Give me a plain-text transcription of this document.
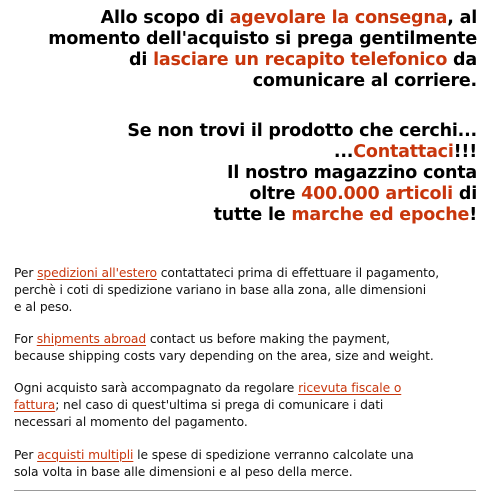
Allo scopo di agevolare la consegna, al
momento dell'acquisto si prega gentilmente
di lasciare un recapito telefonico da
comunicare al corriere.
Se non trovi il prodotto che cerchi...
...Contattaci!!!
Il nostro magazzino conta
oltre 400.000 articoli di
tutte le marche ed epoche!
Per spedizioni all'estero contattateci prima di effettuare il pagamento,
perchè i coti di spedizione variano in base alla zona, alle dimensioni
e al peso.
For shipments abroad contact us before making the payment,
because shipping costs vary depending on the area, size and weight.
Ogni acquisto sarà accompagnato da regolare ricevuta fiscale o
fattura; nel caso di quest'ultima si prega di comunicare i dati
necessari al momento del pagamento.
Per acquisti multipli le spese di spedizione verranno calcolate una
sola volta in base alle dimensioni e al peso della merce.
